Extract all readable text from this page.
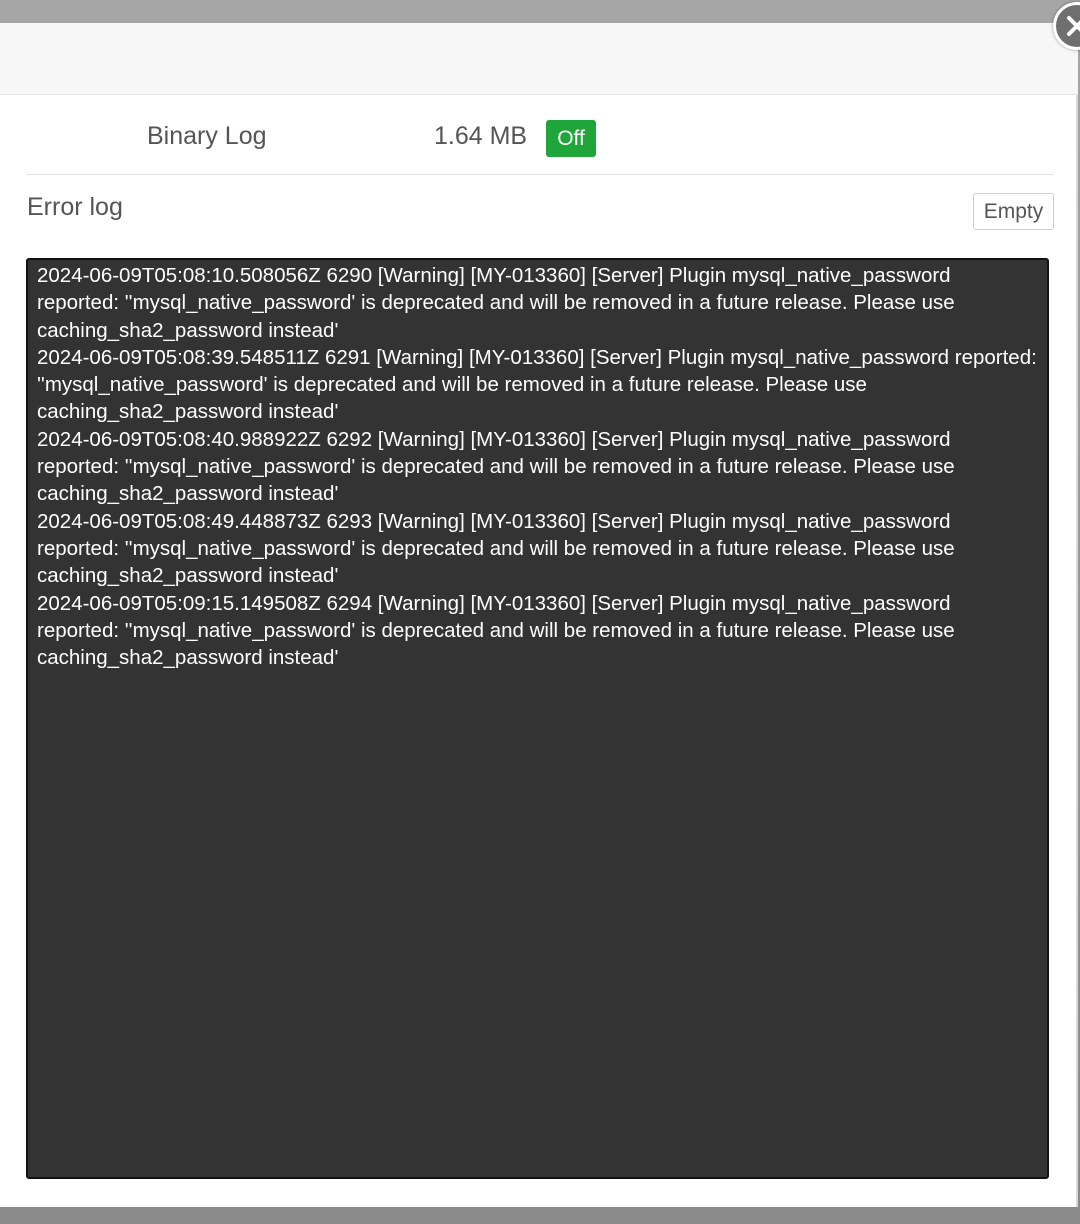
Binary Log	1.64 MB	Off
Error log	Empty
2024-06-09T05:08:10.508056Z 6290 [Warning] [MY-013360] [Server] Plugin mysql_native_password reported: ''mysql_native_password' is deprecated and will be removed in a future release. Please use caching_sha2_password instead'
2024-06-09T05:08:39.548511Z 6291 [Warning] [MY-013360] [Server] Plugin mysql_native_password reported: ''mysql_native_password' is deprecated and will be removed in a future release. Please use caching_sha2_password instead'
2024-06-09T05:08:40.988922Z 6292 [Warning] [MY-013360] [Server] Plugin mysql_native_password reported: ''mysql_native_password' is deprecated and will be removed in a future release. Please use caching_sha2_password instead'
2024-06-09T05:08:49.448873Z 6293 [Warning] [MY-013360] [Server] Plugin mysql_native_password reported: ''mysql_native_password' is deprecated and will be removed in a future release. Please use caching_sha2_password instead'
2024-06-09T05:09:15.149508Z 6294 [Warning] [MY-013360] [Server] Plugin mysql_native_password reported: ''mysql_native_password' is deprecated and will be removed in a future release. Please use caching_sha2_password instead'
